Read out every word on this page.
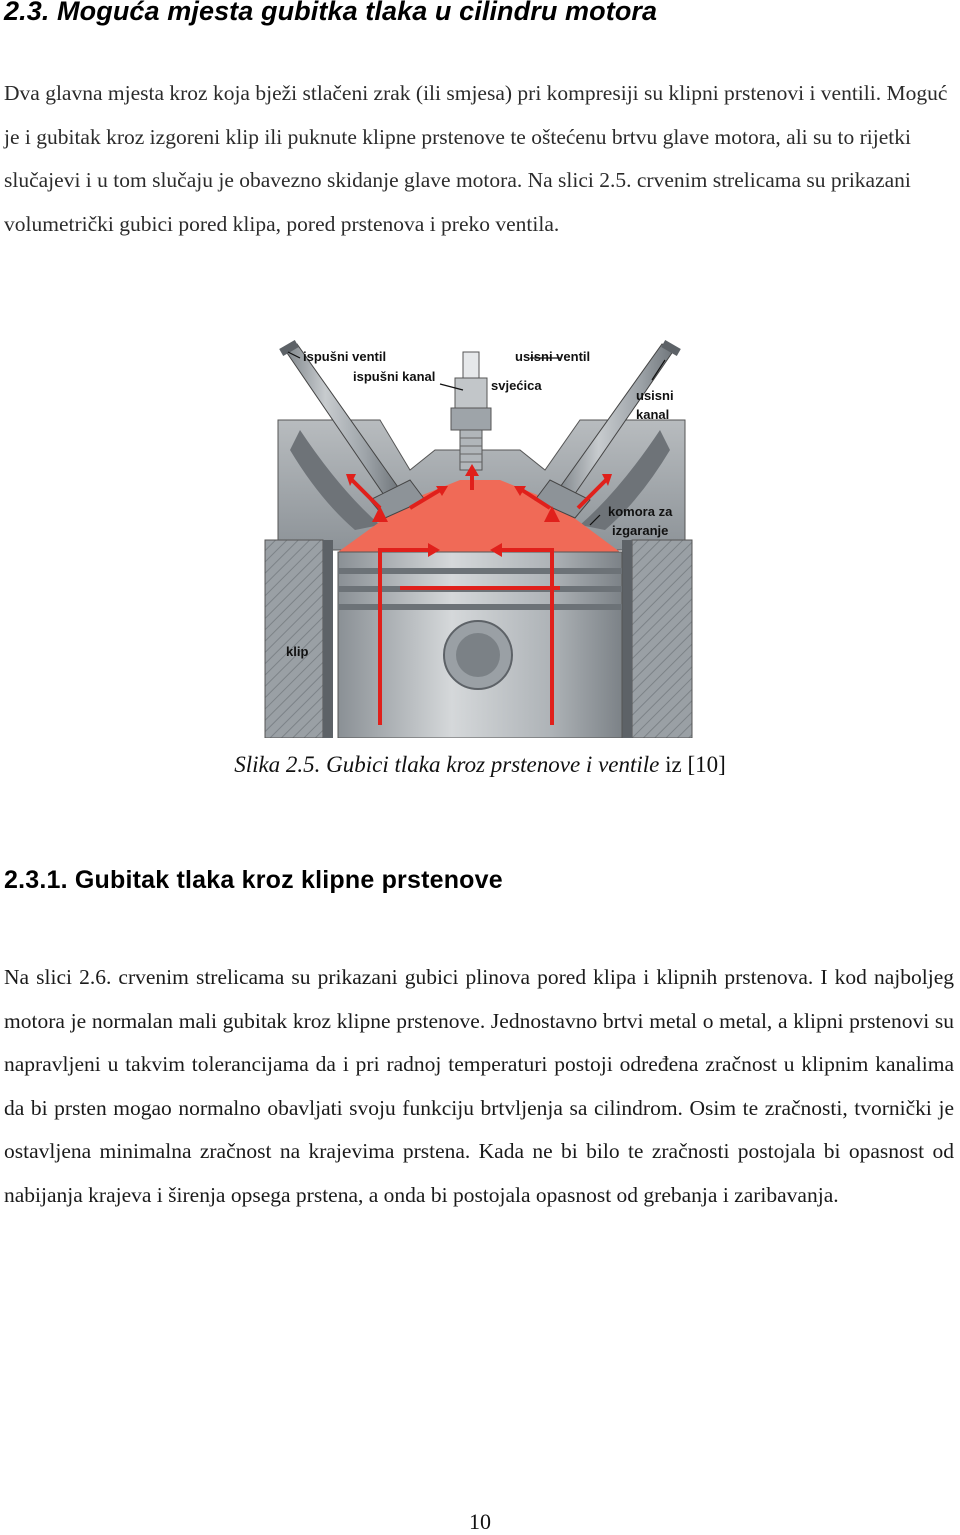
2.3. Moguća mjesta gubitka tlaka u cilindru motora

Dva glavna mjesta kroz koja bježi stlačeni zrak (ili smjesa) pri kompresiji su klipni prstenovi i ventili. Moguć je i gubitak kroz izgoreni klip ili puknute klipne prstenove te oštećenu brtvu glave motora, ali su to rijetki slučajevi i u tom slučaju je obavezno skidanje glave motora. Na slici 2.5. crvenim strelicama su prikazani volumetrički gubici pored klipa, pored prstenova i preko ventila.

ispušni ventil
ispušni kanal
usisni ventil
svjećica
usisni
kanal
komora za
izgaranje
klip
Slika 2.5. Gubici tlaka kroz prstenove i ventile iz [10]
2.3.1. Gubitak tlaka kroz klipne prstenove

Na slici 2.6. crvenim strelicama su prikazani gubici plinova pored klipa i klipnih prstenova. I kod najboljeg motora je normalan mali gubitak kroz klipne prstenove. Jednostavno brtvi metal o metal, a klipni prstenovi su napravljeni u takvim tolerancijama da i pri radnoj temperaturi postoji određena zračnost u klipnim kanalima da bi prsten mogao normalno obavljati svoju funkciju brtvljenja sa cilindrom. Osim te zračnosti, tvornički je ostavljena minimalna zračnost na krajevima prstena. Kada ne bi bilo te zračnosti postojala bi opasnost od nabijanja krajeva i širenja opsega prstena, a onda bi postojala opasnost od grebanja i zaribavanja.

10
